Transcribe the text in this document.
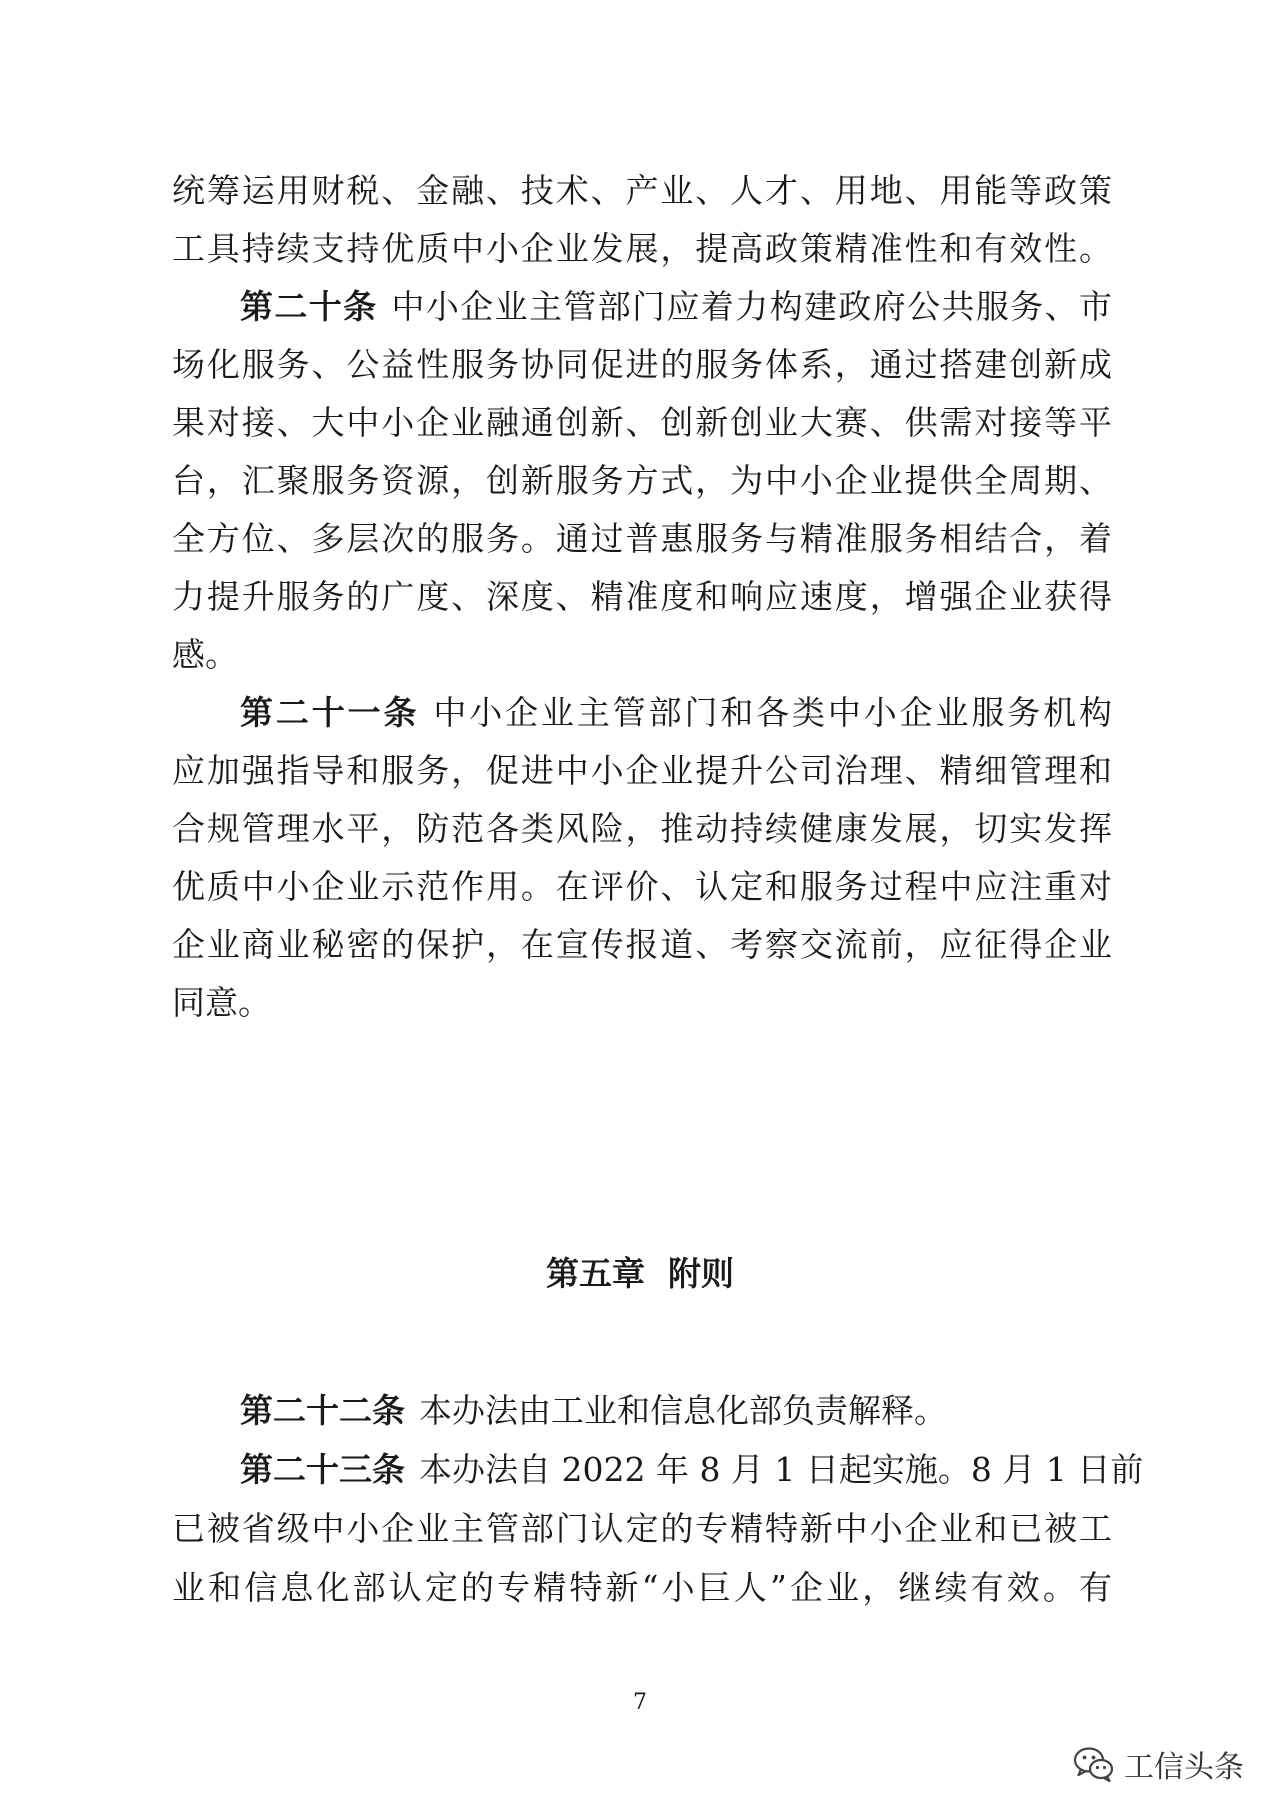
统筹运用财税、金融、技术、产业、人才、用地、用能等政策
工具持续支持优质中小企业发展，提高政策精准性和有效性。
第二十条 中小企业主管部门应着力构建政府公共服务、市
场化服务、公益性服务协同促进的服务体系，通过搭建创新成
果对接、大中小企业融通创新、创新创业大赛、供需对接等平
台，汇聚服务资源，创新服务方式，为中小企业提供全周期、
全方位、多层次的服务。通过普惠服务与精准服务相结合，着
力提升服务的广度、深度、精准度和响应速度，增强企业获得
感。
第二十一条 中小企业主管部门和各类中小企业服务机构
应加强指导和服务，促进中小企业提升公司治理、精细管理和
合规管理水平，防范各类风险，推动持续健康发展，切实发挥
优质中小企业示范作用。在评价、认定和服务过程中应注重对
企业商业秘密的保护，在宣传报道、考察交流前，应征得企业
同意。
第五章  附则
第二十二条 本办法由工业和信息化部负责解释。
第二十三条 本办法自 2022 年 8 月 1 日起实施。8 月 1 日前
已被省级中小企业主管部门认定的专精特新中小企业和已被工
业和信息化部认定的专精特新“小巨人”企业，继续有效。有
7
工信头条
